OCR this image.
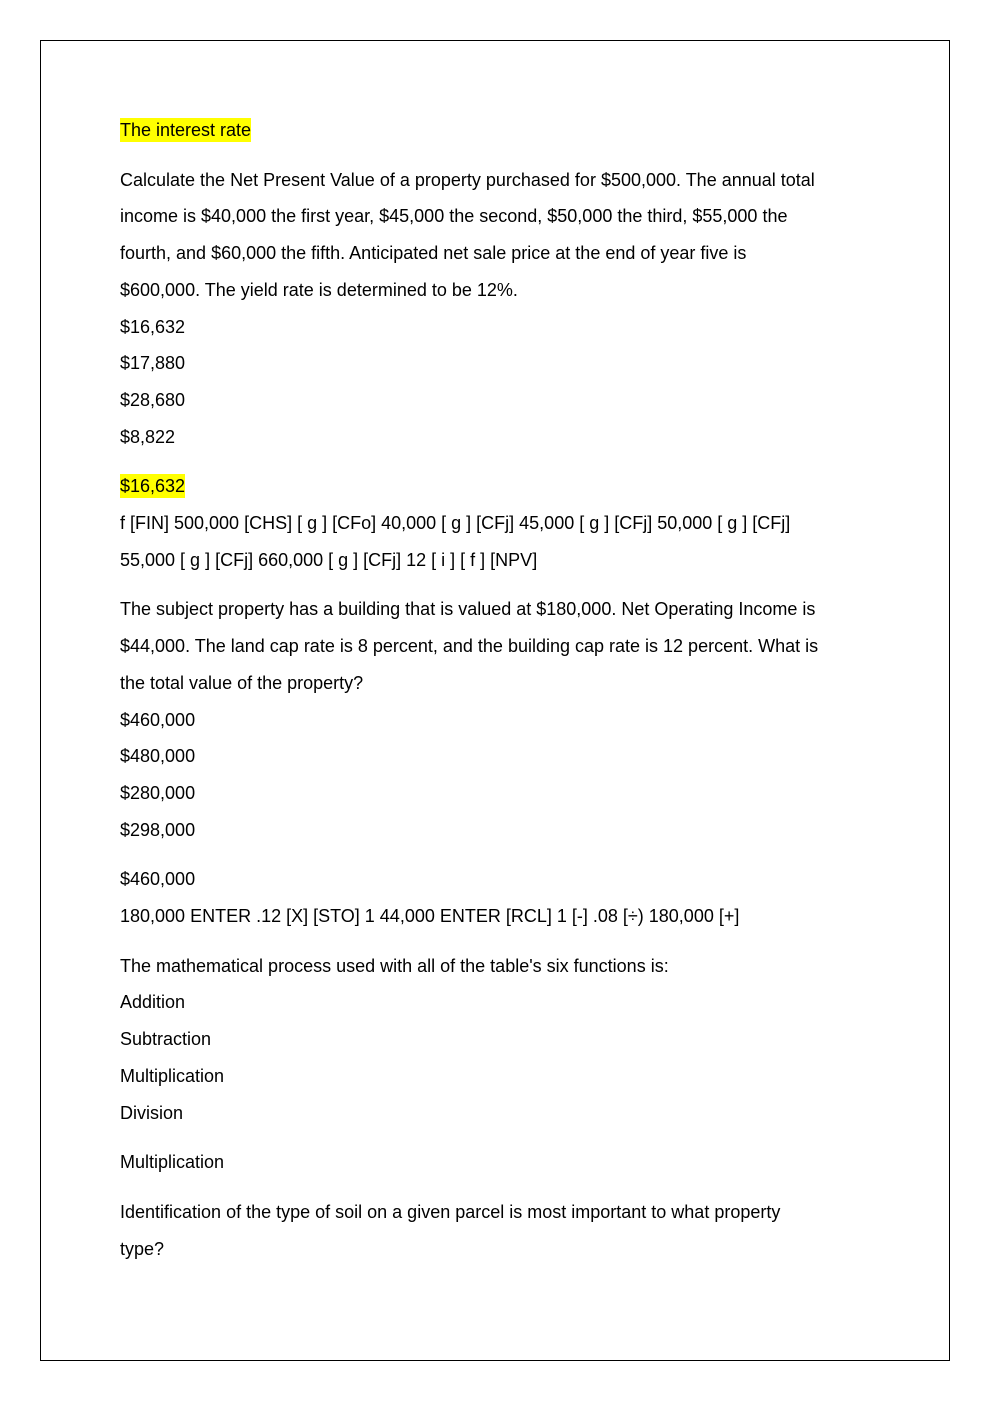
The interest rate

Calculate the Net Present Value of a property purchased for $500,000. The annual total

income is $40,000 the first year, $45,000 the second, $50,000 the third, $55,000 the

fourth, and $60,000 the fifth. Anticipated net sale price at the end of year five is

$600,000. The yield rate is determined to be 12%.

$16,632

$17,880

$28,680

$8,822

$16,632

f [FIN] 500,000 [CHS] [ g ] [CFo] 40,000 [ g ] [CFj] 45,000 [ g ] [CFj] 50,000 [ g ] [CFj]

55,000 [ g ] [CFj] 660,000 [ g ] [CFj] 12 [ i ] [ f ] [NPV]

The subject property has a building that is valued at $180,000. Net Operating Income is

$44,000. The land cap rate is 8 percent, and the building cap rate is 12 percent. What is

the total value of the property?

$460,000

$480,000

$280,000

$298,000

$460,000

180,000 ENTER .12 [X] [STO] 1 44,000 ENTER [RCL] 1 [-] .08 [÷) 180,000 [+]

The mathematical process used with all of the table's six functions is:

Addition

Subtraction

Multiplication

Division

Multiplication

Identification of the type of soil on a given parcel is most important to what property

type?
